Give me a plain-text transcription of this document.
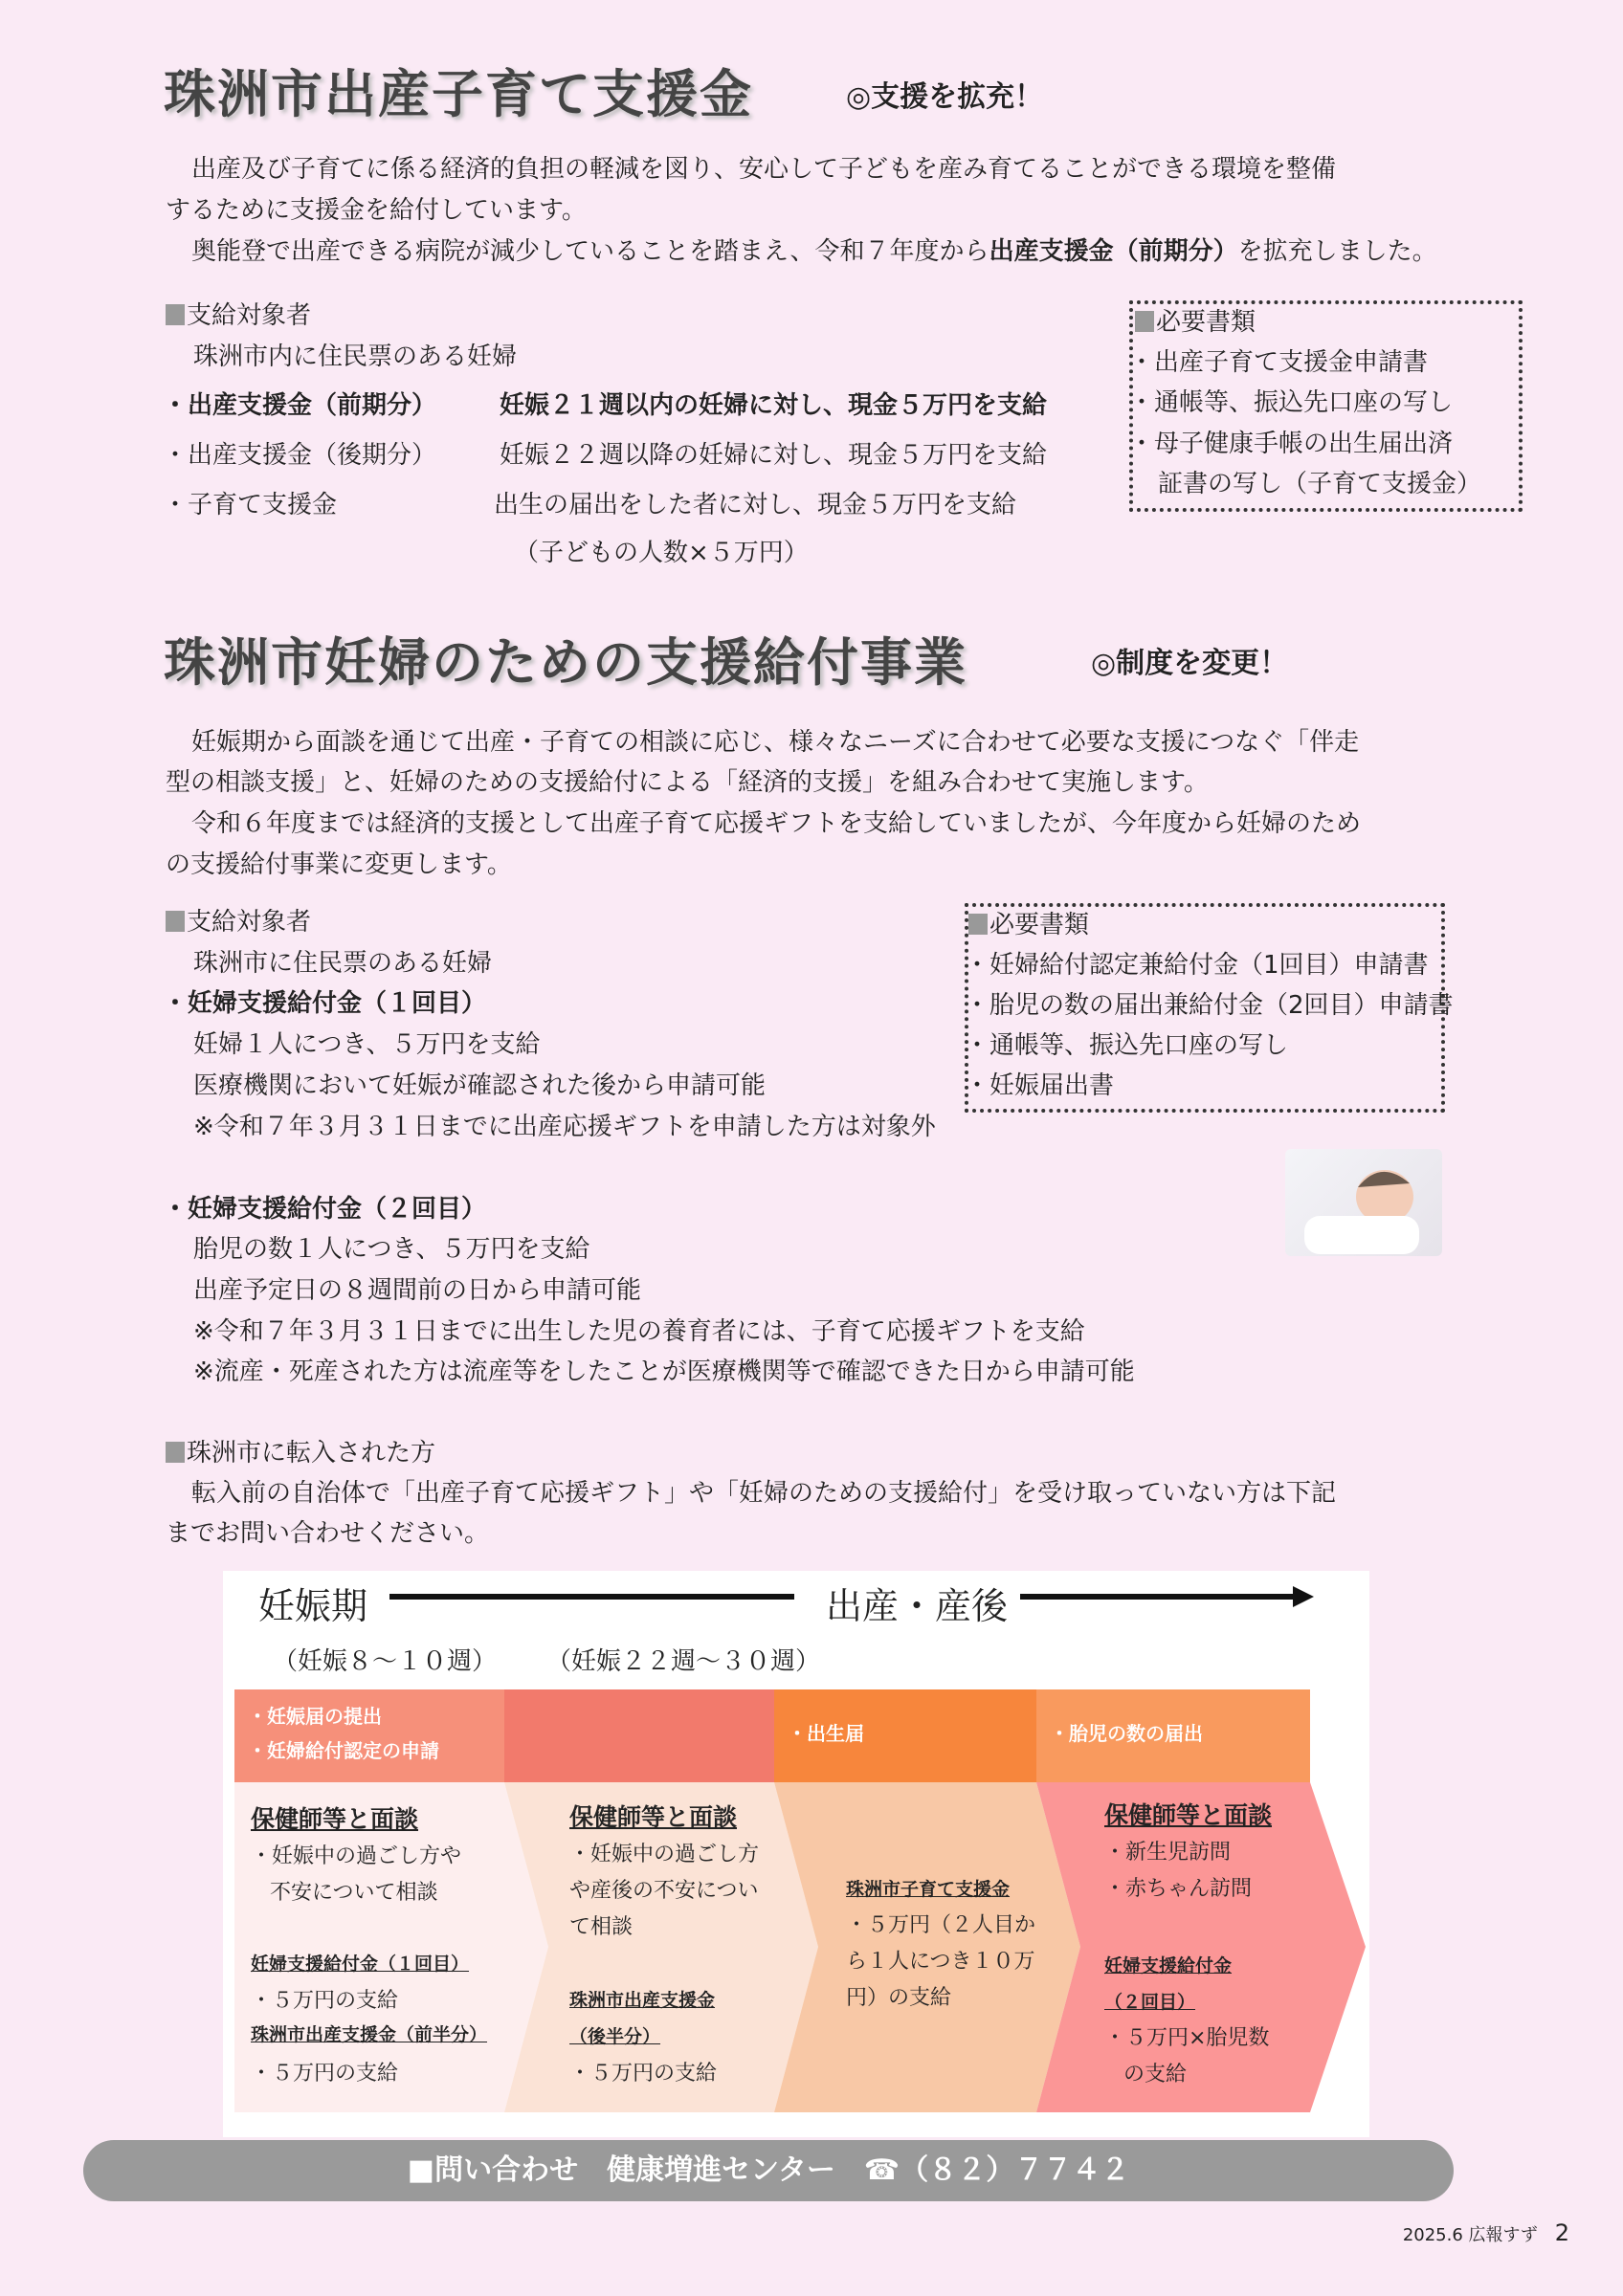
珠洲市出産子育て支援金	◎支援を拡充！
出産及び子育てに係る経済的負担の軽減を図り、安心して子どもを産み育てることができる環境を整備
するために支援金を給付しています。
奥能登で出産できる病院が減少していることを踏まえ、令和７年度から出産支援金（前期分）を拡充しました。
支給対象者
珠洲市内に住民票のある妊婦
・出産支援金（前期分）	妊娠２１週以内の妊婦に対し、現金５万円を支給
・出産支援金（後期分）	妊娠２２週以降の妊婦に対し、現金５万円を支給
・子育て支援金	出生の届出をした者に対し、現金５万円を支給
（子どもの人数×５万円）
必要書類
・出産子育て支援金申請書
・通帳等、振込先口座の写し
・母子健康手帳の出生届出済
証書の写し（子育て支援金）
珠洲市妊婦のための支援給付事業	◎制度を変更！
妊娠期から面談を通じて出産・子育ての相談に応じ、様々なニーズに合わせて必要な支援につなぐ「伴走
型の相談支援」と、妊婦のための支援給付による「経済的支援」を組み合わせて実施します。
令和６年度までは経済的支援として出産子育て応援ギフトを支給していましたが、今年度から妊婦のため
の支援給付事業に変更します。
支給対象者
珠洲市に住民票のある妊婦
・妊婦支援給付金（１回目）
妊婦１人につき、５万円を支給
医療機関において妊娠が確認された後から申請可能
※令和７年３月３１日までに出産応援ギフトを申請した方は対象外
必要書類
・妊婦給付認定兼給付金（1回目）申請書
・胎児の数の届出兼給付金（2回目）申請書
・通帳等、振込先口座の写し
・妊娠届出書
・妊婦支援給付金（２回目）
胎児の数１人につき、５万円を支給
出産予定日の８週間前の日から申請可能
※令和７年３月３１日までに出生した児の養育者には、子育て応援ギフトを支給
※流産・死産された方は流産等をしたことが医療機関等で確認できた日から申請可能
珠洲市に転入された方
転入前の自治体で「出産子育て応援ギフト」や「妊婦のための支援給付」を受け取っていない方は下記
までお問い合わせください。
妊娠期	出産・産後
（妊娠８～１０週） （妊娠２２週～３０週）
・妊娠届の提出
・妊婦給付認定の申請
・出生届	・胎児の数の届出
保健師等と面談
・妊娠中の過ごし方や
不安について相談
妊婦支援給付金（１回目）
・５万円の支給
珠洲市出産支援金（前半分）
・５万円の支給
保健師等と面談
・妊娠中の過ごし方
や産後の不安につい
て相談
珠洲市出産支援金
（後半分）
・５万円の支給
珠洲市子育て支援金
・５万円（２人目か
ら１人につき１０万
円）の支給
保健師等と面談
・新生児訪問
・赤ちゃん訪問
妊婦支援給付金
（２回目）
・５万円×胎児数
の支給
■問い合わせ　健康増進センター　 ☎（８２）７７４２
2025.6 広報すず　 2
